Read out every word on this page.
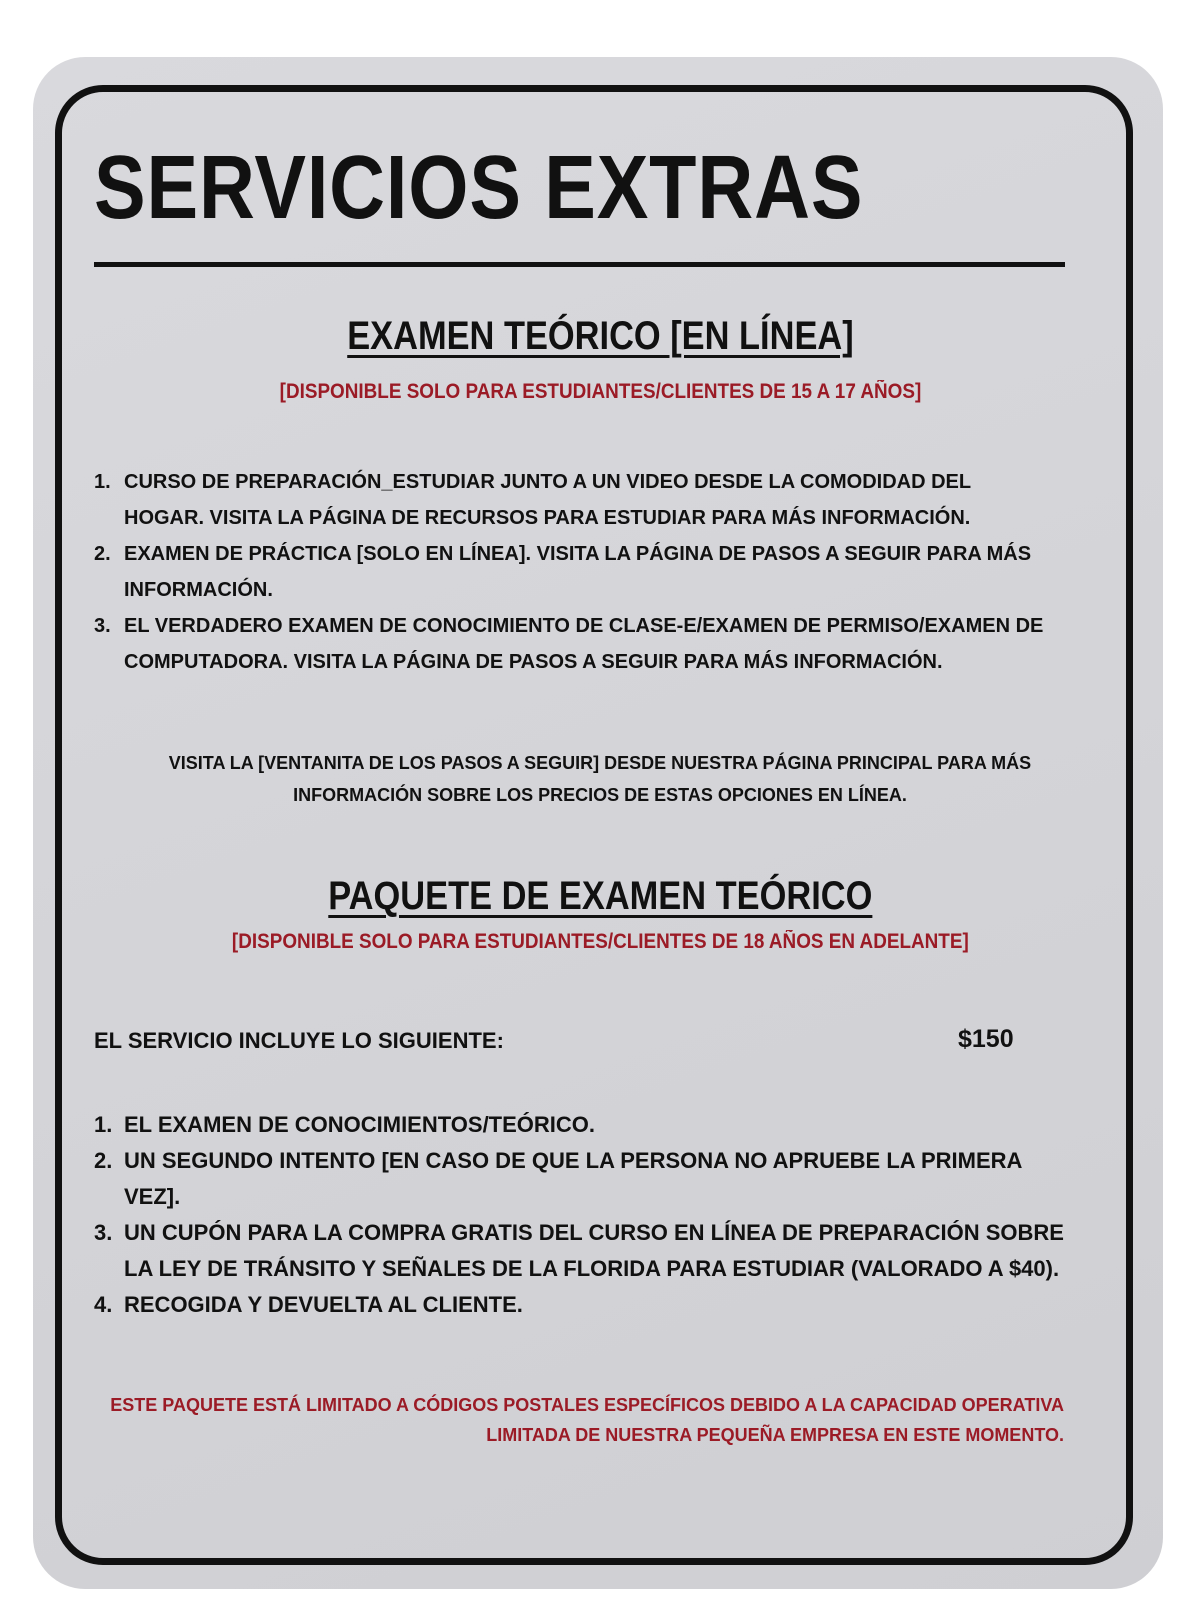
SERVICIOS EXTRAS
EXAMEN TEÓRICO [EN LÍNEA]

[DISPONIBLE SOLO PARA ESTUDIANTES/CLIENTES DE 15 A 17 AÑOS]

1. CURSO DE PREPARACIÓN_ESTUDIAR JUNTO A UN VIDEO DESDE LA COMODIDAD DEL HOGAR. VISITA LA PÁGINA DE RECURSOS PARA ESTUDIAR PARA MÁS INFORMACIÓN.
2. EXAMEN DE PRÁCTICA [SOLO EN LÍNEA]. VISITA LA PÁGINA DE PASOS A SEGUIR PARA MÁS INFORMACIÓN.
3. EL VERDADERO EXAMEN DE CONOCIMIENTO DE CLASE-E/EXAMEN DE PERMISO/EXAMEN DE COMPUTADORA. VISITA LA PÁGINA DE PASOS A SEGUIR PARA MÁS INFORMACIÓN.

VISITA LA [VENTANITA DE LOS PASOS A SEGUIR] DESDE NUESTRA PÁGINA PRINCIPAL PARA MÁS INFORMACIÓN SOBRE LOS PRECIOS DE ESTAS OPCIONES EN LÍNEA.

PAQUETE DE EXAMEN TEÓRICO

[DISPONIBLE SOLO PARA ESTUDIANTES/CLIENTES DE 18 AÑOS EN ADELANTE]

EL SERVICIO INCLUYE LO SIGUIENTE:	$150

1. EL EXAMEN DE CONOCIMIENTOS/TEÓRICO.
2. UN SEGUNDO INTENTO [EN CASO DE QUE LA PERSONA NO APRUEBE LA PRIMERA VEZ].
3. UN CUPÓN PARA LA COMPRA GRATIS DEL CURSO EN LÍNEA DE PREPARACIÓN SOBRE LA LEY DE TRÁNSITO Y SEÑALES DE LA FLORIDA PARA ESTUDIAR (VALORADO A $40).
4. RECOGIDA Y DEVUELTA AL CLIENTE.

ESTE PAQUETE ESTÁ LIMITADO A CÓDIGOS POSTALES ESPECÍFICOS DEBIDO A LA CAPACIDAD OPERATIVA LIMITADA DE NUESTRA PEQUEÑA EMPRESA EN ESTE MOMENTO.
